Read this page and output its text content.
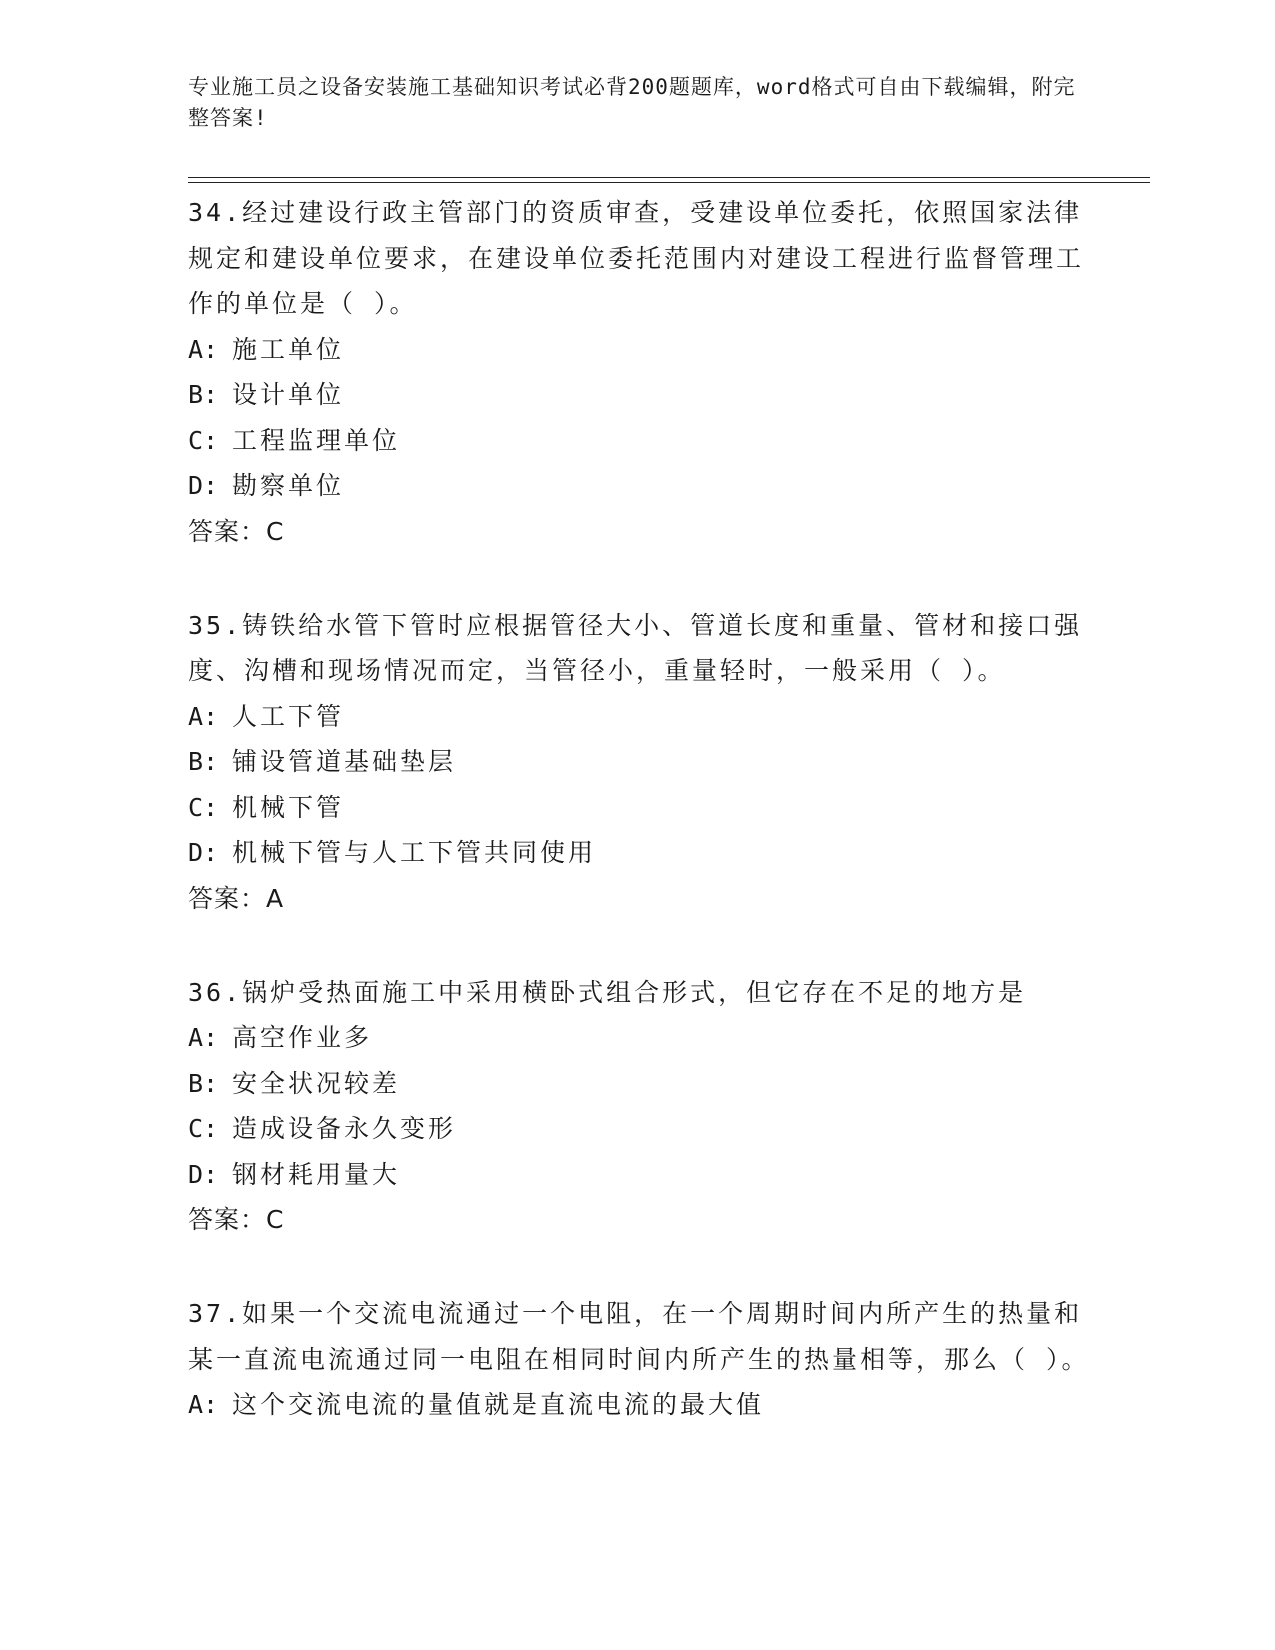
专业施工员之设备安装施工基础知识考试必背200题题库，word格式可自由下载编辑，附完整答案!

34.经过建设行政主管部门的资质审查，受建设单位委托，依照国家法律规定和建设单位要求，在建设单位委托范围内对建设工程进行监督管理工作的单位是（ ）。

A: 施工单位

B: 设计单位

C: 工程监理单位

D: 勘察单位

答案：C

35.铸铁给水管下管时应根据管径大小、管道长度和重量、管材和接口强度、沟槽和现场情况而定，当管径小，重量轻时，一般采用（ ）。

A: 人工下管

B: 铺设管道基础垫层

C: 机械下管

D: 机械下管与人工下管共同使用

答案：A

36.锅炉受热面施工中采用横卧式组合形式，但它存在不足的地方是

A: 高空作业多

B: 安全状况较差

C: 造成设备永久变形

D: 钢材耗用量大

答案：C

37.如果一个交流电流通过一个电阻，在一个周期时间内所产生的热量和某一直流电流通过同一电阻在相同时间内所产生的热量相等，那么（ ）。

A: 这个交流电流的量值就是直流电流的最大值
